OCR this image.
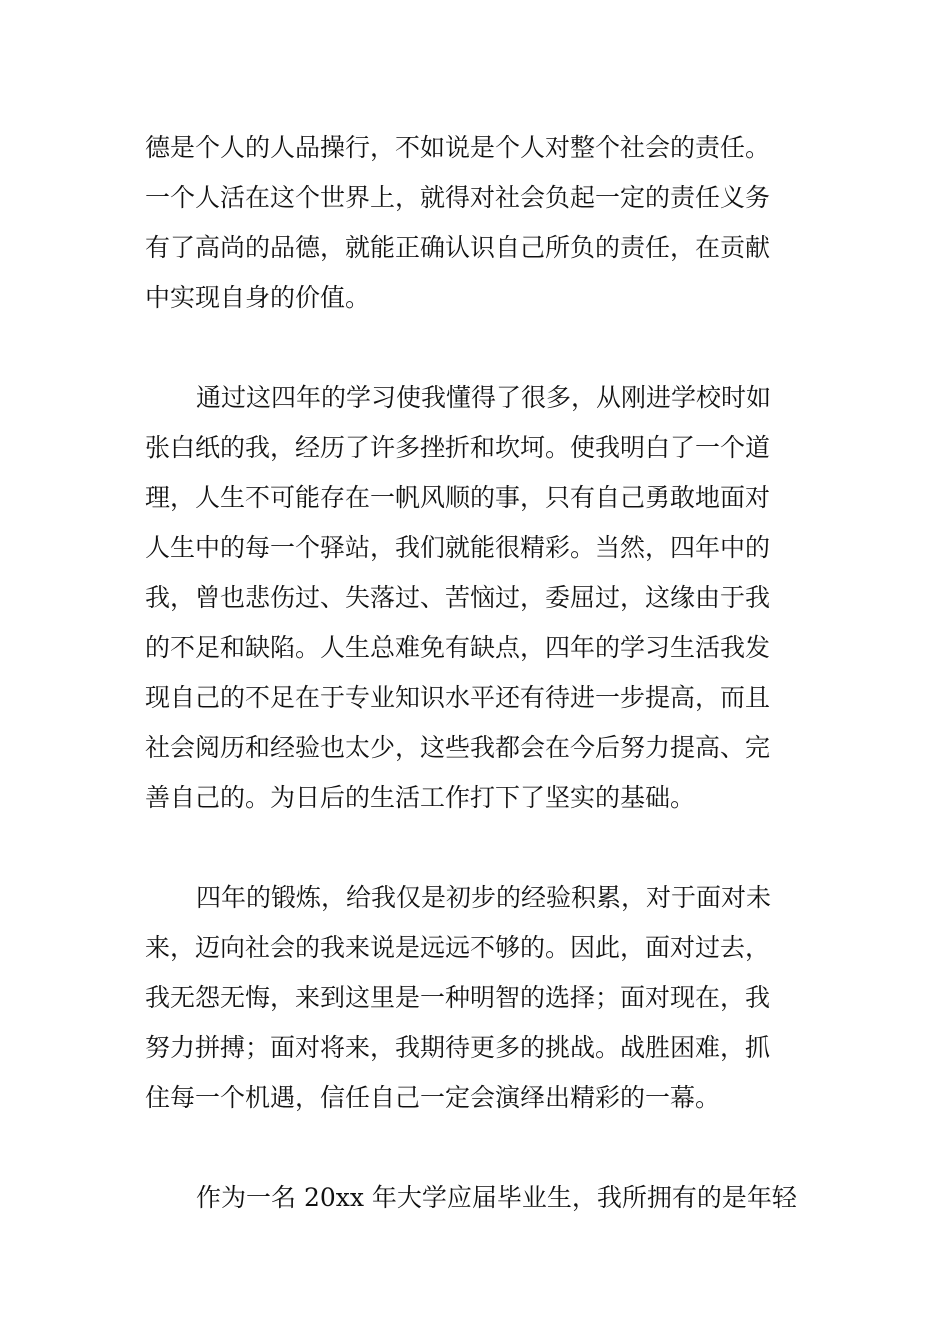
德是个人的人品操行，不如说是个人对整个社会的责任。
一个人活在这个世界上，就得对社会负起一定的责任义务
有了高尚的品德，就能正确认识自己所负的责任，在贡献
中实现自身的价值。
通过这四年的学习使我懂得了很多，从刚进学校时如
张白纸的我，经历了许多挫折和坎坷。使我明白了一个道
理，人生不可能存在一帆风顺的事，只有自己勇敢地面对
人生中的每一个驿站，我们就能很精彩。当然，四年中的
我，曾也悲伤过、失落过、苦恼过，委屈过，这缘由于我
的不足和缺陷。人生总难免有缺点，四年的学习生活我发
现自己的不足在于专业知识水平还有待进一步提高，而且
社会阅历和经验也太少，这些我都会在今后努力提高、完
善自己的。为日后的生活工作打下了坚实的基础。
四年的锻炼，给我仅是初步的经验积累，对于面对未
来，迈向社会的我来说是远远不够的。因此，面对过去，
我无怨无悔，来到这里是一种明智的选择；面对现在，我
努力拼搏；面对将来，我期待更多的挑战。战胜困难，抓
住每一个机遇，信任自己一定会演绎出精彩的一幕。
作为一名 20xx 年大学应届毕业生，我所拥有的是年轻
